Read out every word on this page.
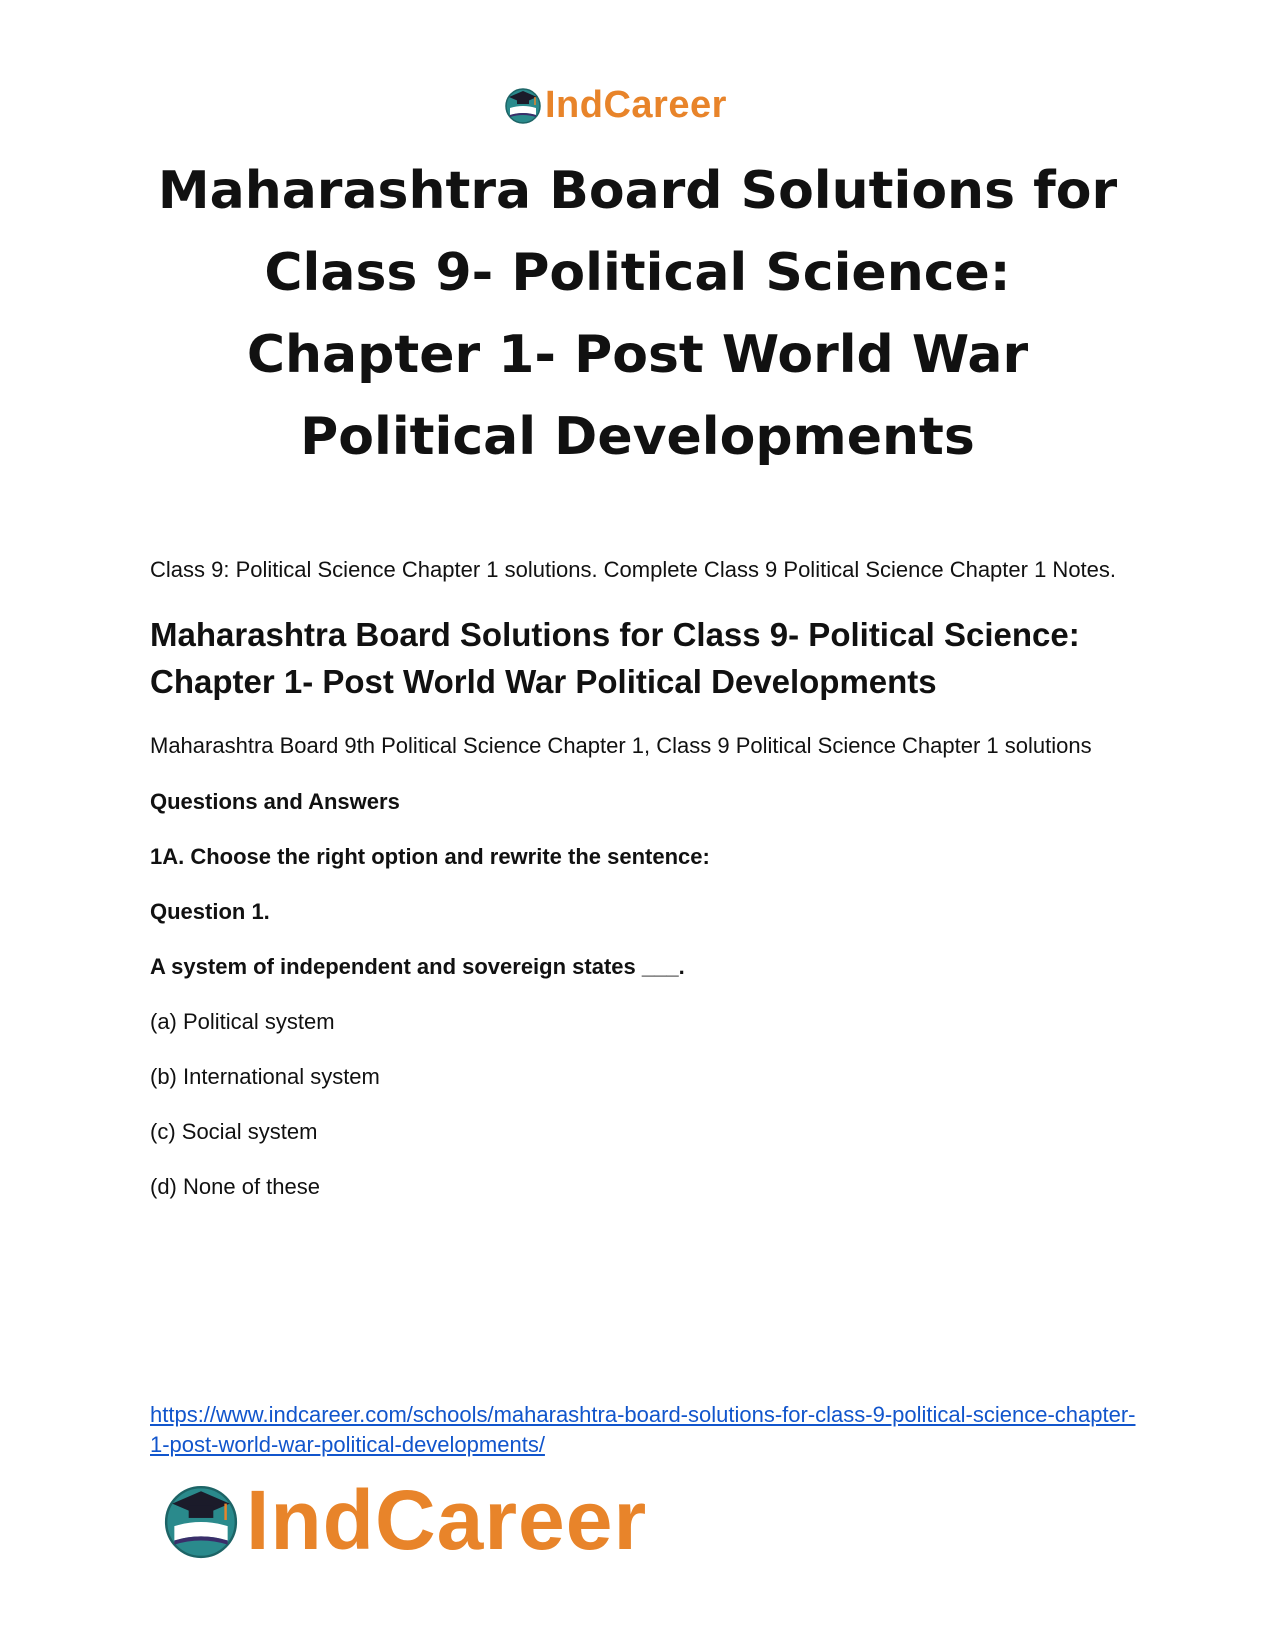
IndCareer
Maharashtra Board Solutions for Class 9- Political Science: Chapter 1- Post World War Political Developments

Class 9: Political Science Chapter 1 solutions. Complete Class 9 Political Science Chapter 1 Notes.

Maharashtra Board Solutions for Class 9- Political Science: Chapter 1- Post World War Political Developments

Maharashtra Board 9th Political Science Chapter 1, Class 9 Political Science Chapter 1 solutions

Questions and Answers

1A. Choose the right option and rewrite the sentence:

Question 1.

A system of independent and sovereign states ___.

(a) Political system

(b) International system

(c) Social system

(d) None of these

https://www.indcareer.com/schools/maharashtra-board-solutions-for-class-9-political-science-chapter-1-post-world-war-political-developments/
IndCareer
